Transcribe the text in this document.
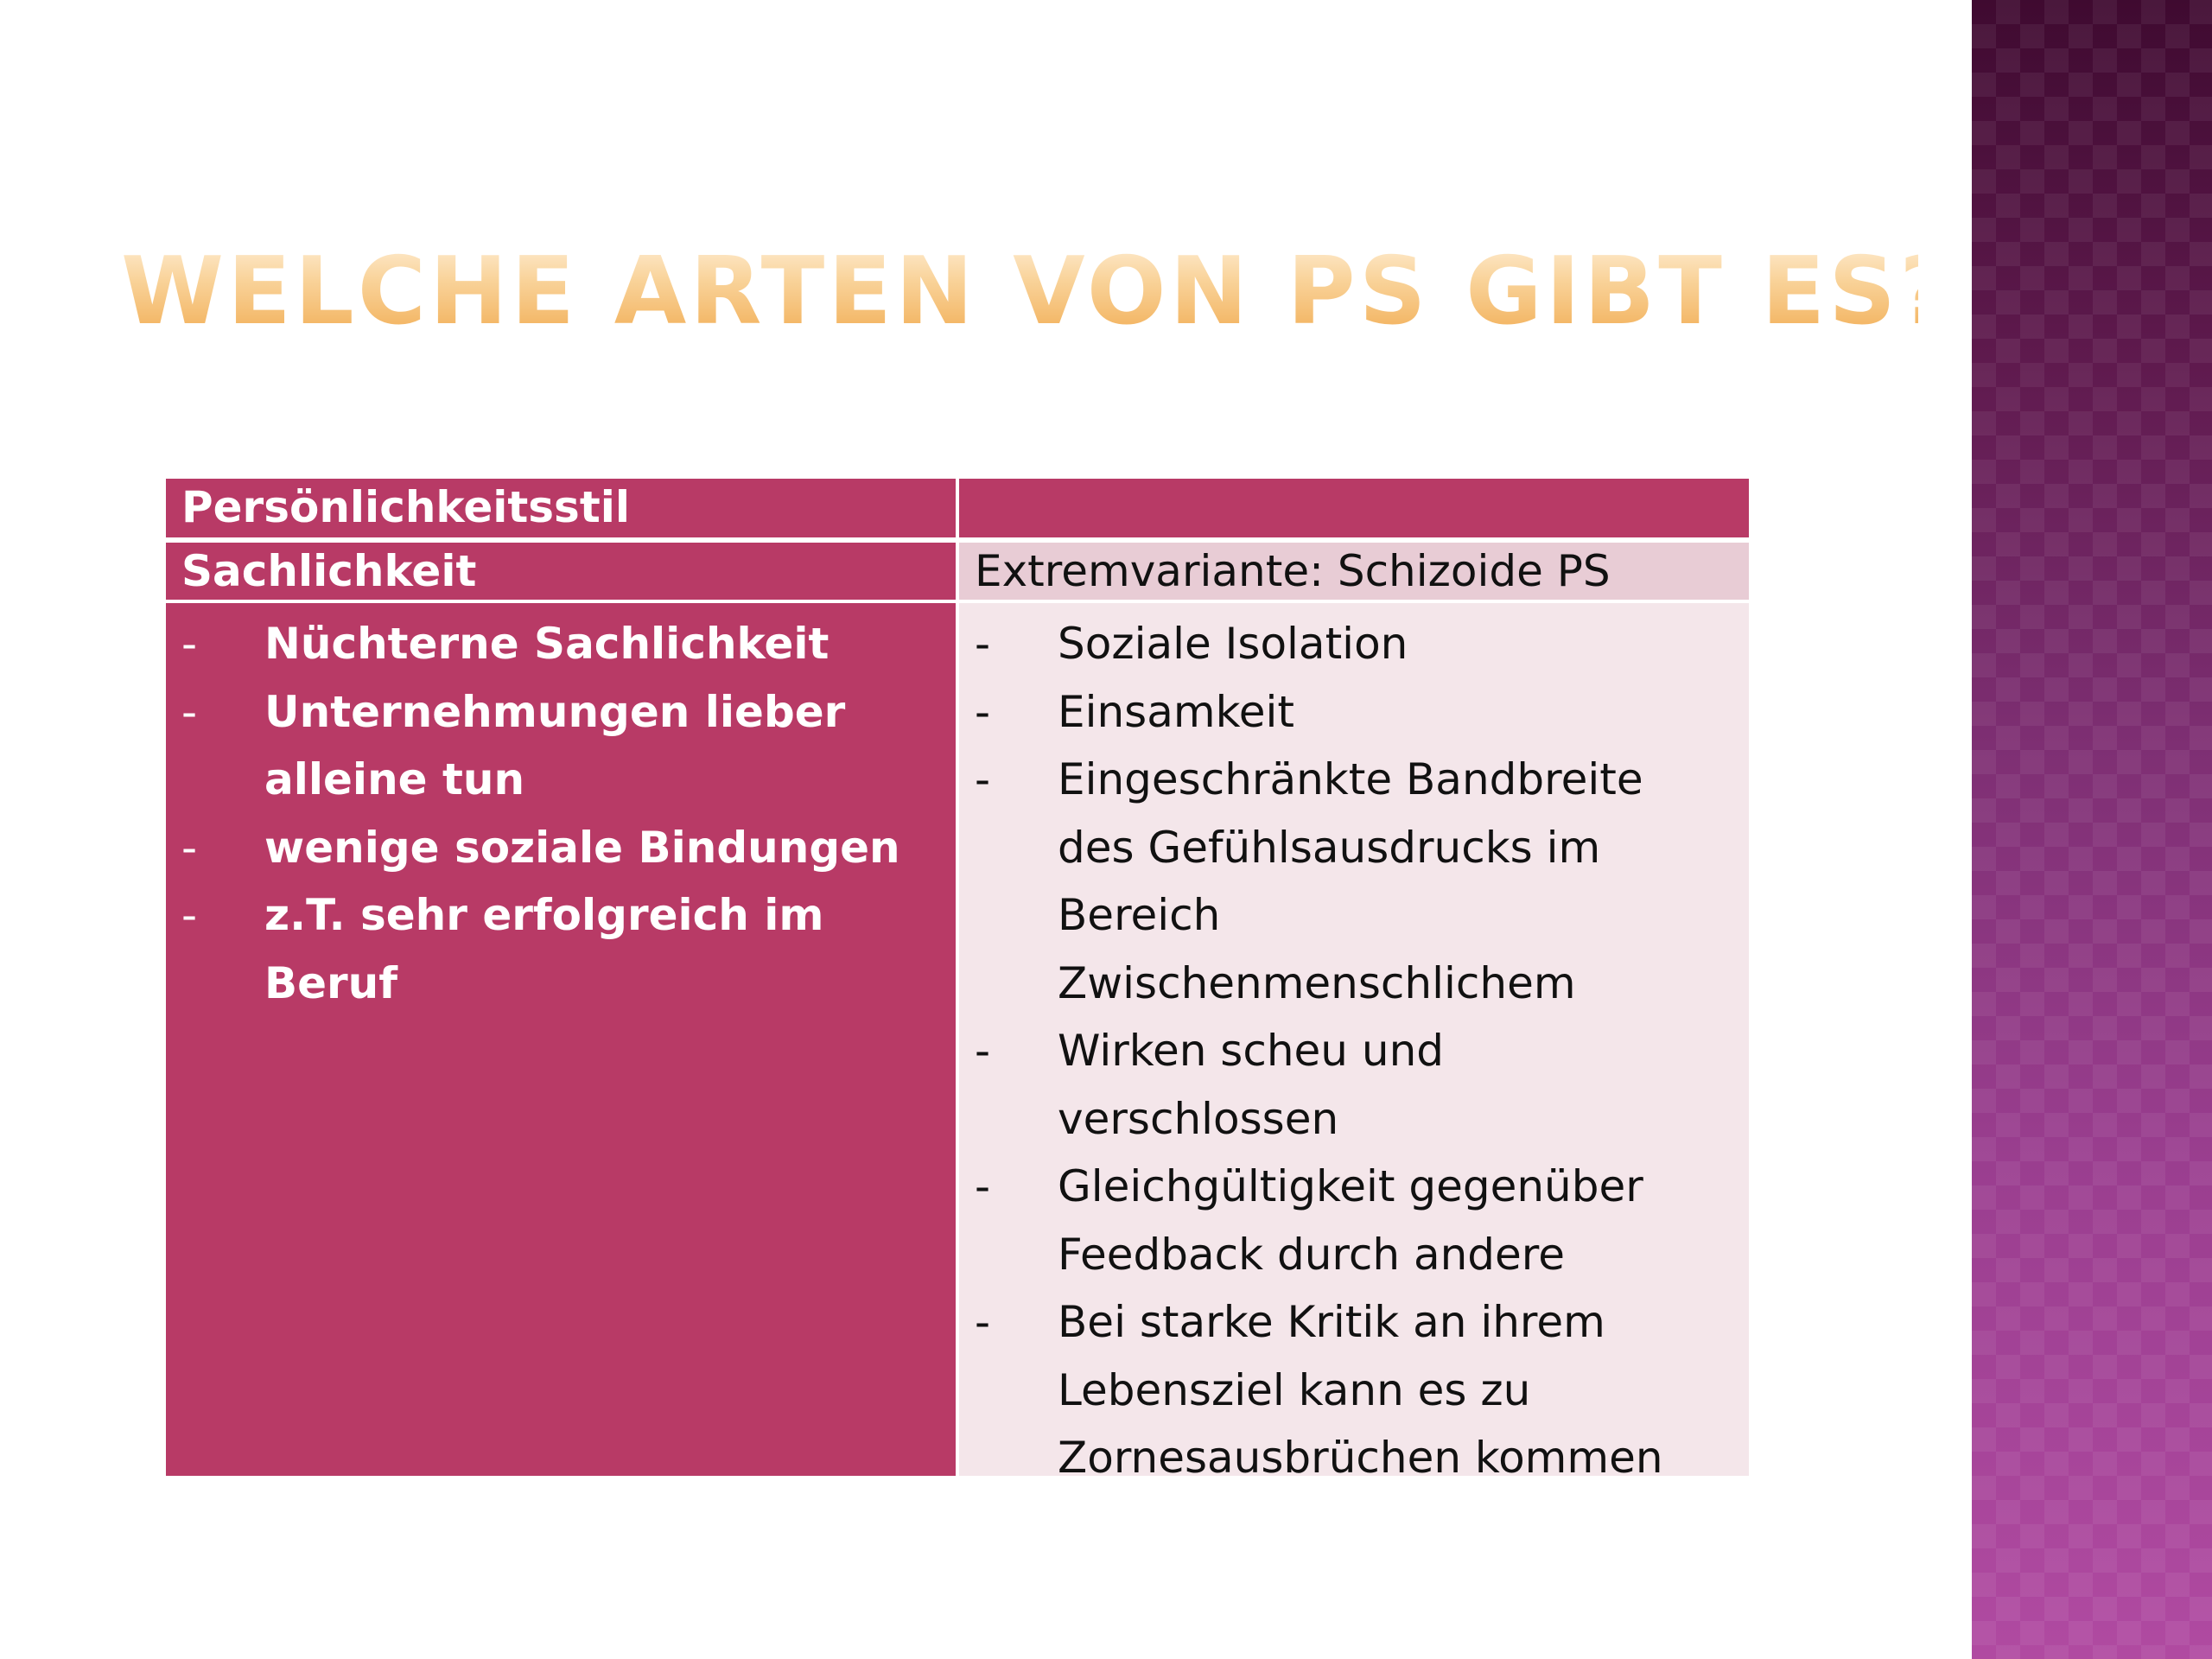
WELCHE ARTEN VON PS GIBT ES?
Persönlichkeitsstil
Sachlichkeit	Extremvariante: Schizoide PS
- Nüchterne Sachlichkeit
- Unternehmungen lieber
alleine tun
- wenige soziale Bindungen
- z.T. sehr erfolgreich im
Beruf
- Soziale Isolation
- Einsamkeit
- Eingeschränkte Bandbreite
des Gefühlsausdrucks im
Bereich
Zwischenmenschlichem
- Wirken scheu und
verschlossen
- Gleichgültigkeit gegenüber
Feedback durch andere
- Bei starke Kritik an ihrem
Lebensziel kann es zu
Zornesausbrüchen kommen
